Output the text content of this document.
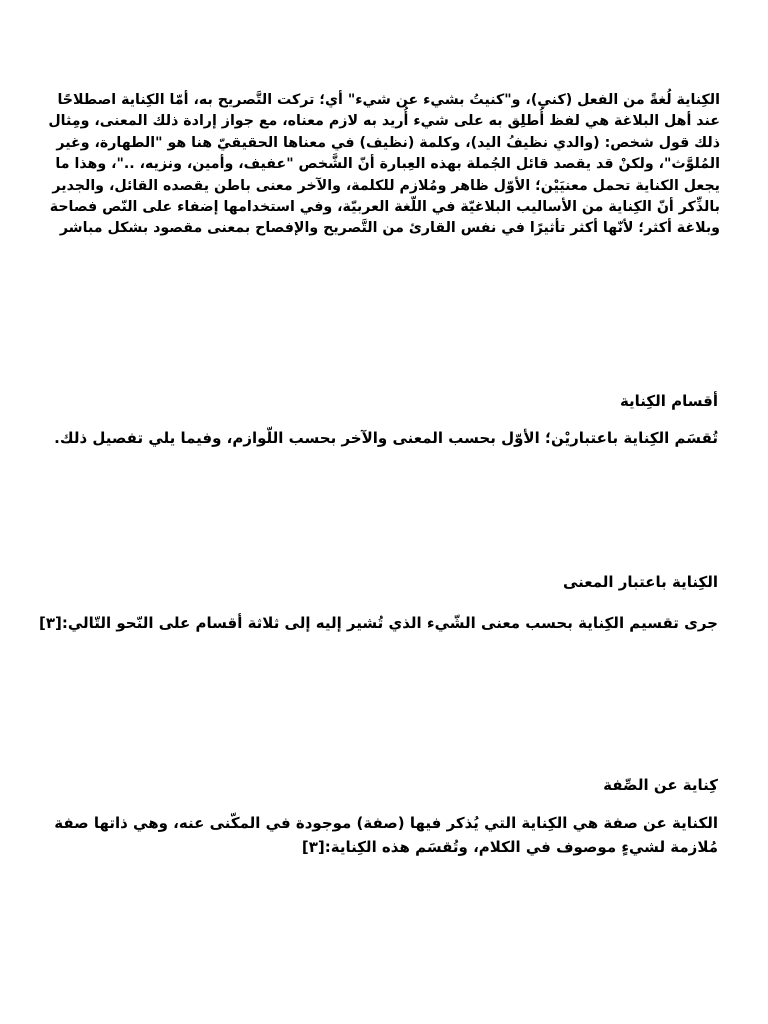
الكِناية لُغةً من الفعل (كني)، و"كنيتُ بشيء عن شيء" أي؛ تركت التَّصريح به، أمّا الكِناية اصطلاحًا عند أهل البلاغة هي لفظ أُطلِق به على شيء أُريد به لازم معناه، مع جواز إرادة ذلك المعنى، ومِثال ذلك قول شخص: (والدي نظيفُ اليد)، وكلمة (نظيف) في معناها الحقيقيّ هنا هو "الطهارة، وغير المُلوَّث"، ولكنْ قد يقصد قائل الجُملة بهذه العِبارة أنّ الشَّخص "عفيف، وأمين، ونزيه، .."، وهذا ما يجعل الكناية تحمل معنيَيْن؛ الأوّل ظاهر ومُلازم للكلمة، والآخر معنى باطن يقصده القائل، والجدير بالذِّكر أنّ الكِناية من الأساليب البلاغيّة في اللّغة العربيّة، وفي استخدامها إضفاء على النّص فصاحة وبلاغة أكثر؛ لأنّها أكثر تأثيرًا في نفس القارئ من التَّصريح والإفصاح بمعنى مقصود بشكل مباشر

أقسام الكِناية

تُقسَم الكِناية باعتباريْن؛ الأوّل بحسب المعنى والآخر بحسب اللّوازم، وفيما يلي تفصيل ذلك.

الكِناية باعتبار المعنى

جرى تقسيم الكِناية بحسب معنى الشّيء الذي تُشير إليه إلى ثلاثة أقسام على النّحو التّالي:[٣]

كِناية عن الصِّفة

الكناية عن صفة هي الكِناية التي يُذكر فيها (صفة) موجودة في المكّنى عنه، وهي ذاتها صفة مُلازمة لشيءٍ موصوف في الكلام، وتُقسَم هذه الكِناية:[٣]
